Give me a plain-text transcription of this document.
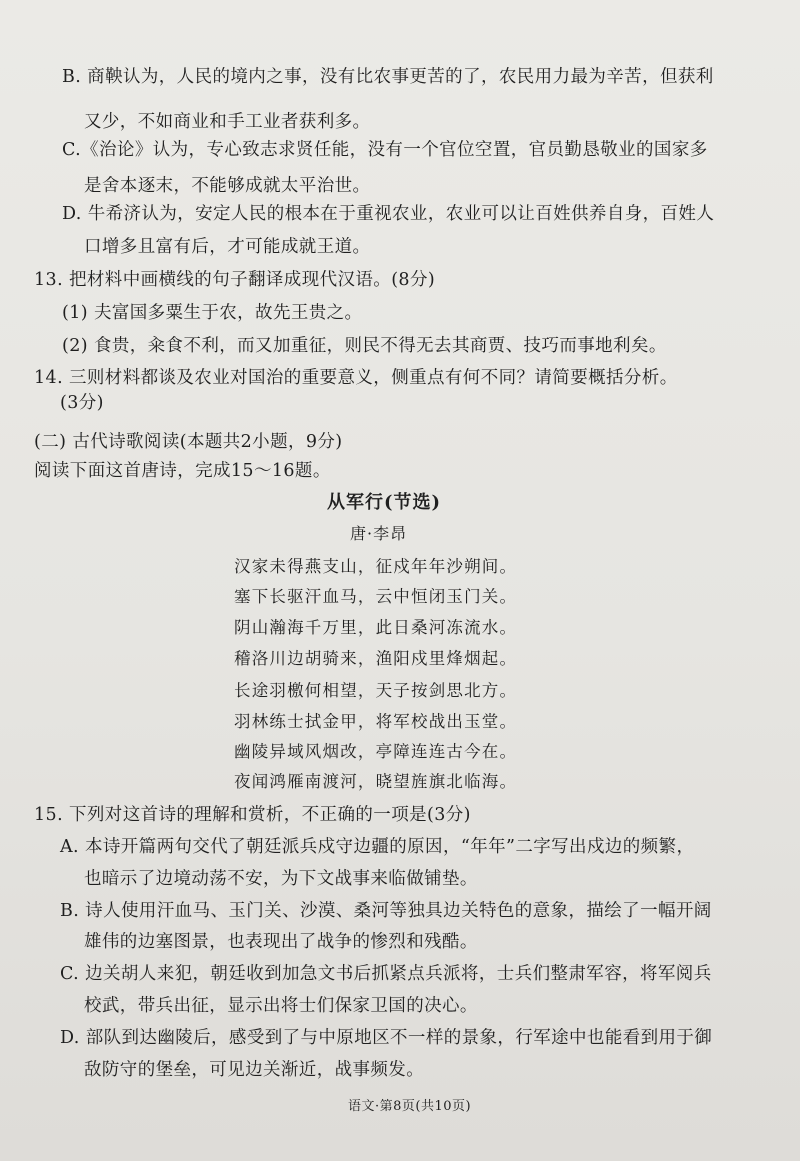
B. 商鞅认为，人民的境内之事，没有比农事更苦的了，农民用力最为辛苦，但获利
又少，不如商业和手工业者获利多。
C.《治论》认为，专心致志求贤任能，没有一个官位空置，官员勤恳敬业的国家多
是舍本逐末，不能够成就太平治世。
D. 牛希济认为，安定人民的根本在于重视农业，农业可以让百姓供养自身，百姓人
口增多且富有后，才可能成就王道。
13. 把材料中画横线的句子翻译成现代汉语。(8分)
(1) 夫富国多粟生于农，故先王贵之。
(2) 食贵，籴食不利，而又加重征，则民不得无去其商贾、技巧而事地利矣。
14. 三则材料都谈及农业对国治的重要意义，侧重点有何不同？请简要概括分析。
(3分)
(二) 古代诗歌阅读(本题共2小题，9分)
阅读下面这首唐诗，完成15～16题。
从军行(节选)
唐·李昂
汉家未得燕支山，征戍年年沙朔间。
塞下长驱汗血马，云中恒闭玉门关。
阴山瀚海千万里，此日桑河冻流水。
稽洛川边胡骑来，渔阳戍里烽烟起。
长途羽檄何相望，天子按剑思北方。
羽林练士拭金甲，将军校战出玉堂。
幽陵异域风烟改，亭障连连古今在。
夜闻鸿雁南渡河，晓望旌旗北临海。
15. 下列对这首诗的理解和赏析，不正确的一项是(3分)
A. 本诗开篇两句交代了朝廷派兵戍守边疆的原因，“年年”二字写出戍边的频繁，
也暗示了边境动荡不安，为下文战事来临做铺垫。
B. 诗人使用汗血马、玉门关、沙漠、桑河等独具边关特色的意象，描绘了一幅开阔
雄伟的边塞图景，也表现出了战争的惨烈和残酷。
C. 边关胡人来犯，朝廷收到加急文书后抓紧点兵派将，士兵们整肃军容，将军阅兵
校武，带兵出征，显示出将士们保家卫国的决心。
D. 部队到达幽陵后，感受到了与中原地区不一样的景象，行军途中也能看到用于御
敌防守的堡垒，可见边关渐近，战事频发。
语文·第8页(共10页)
